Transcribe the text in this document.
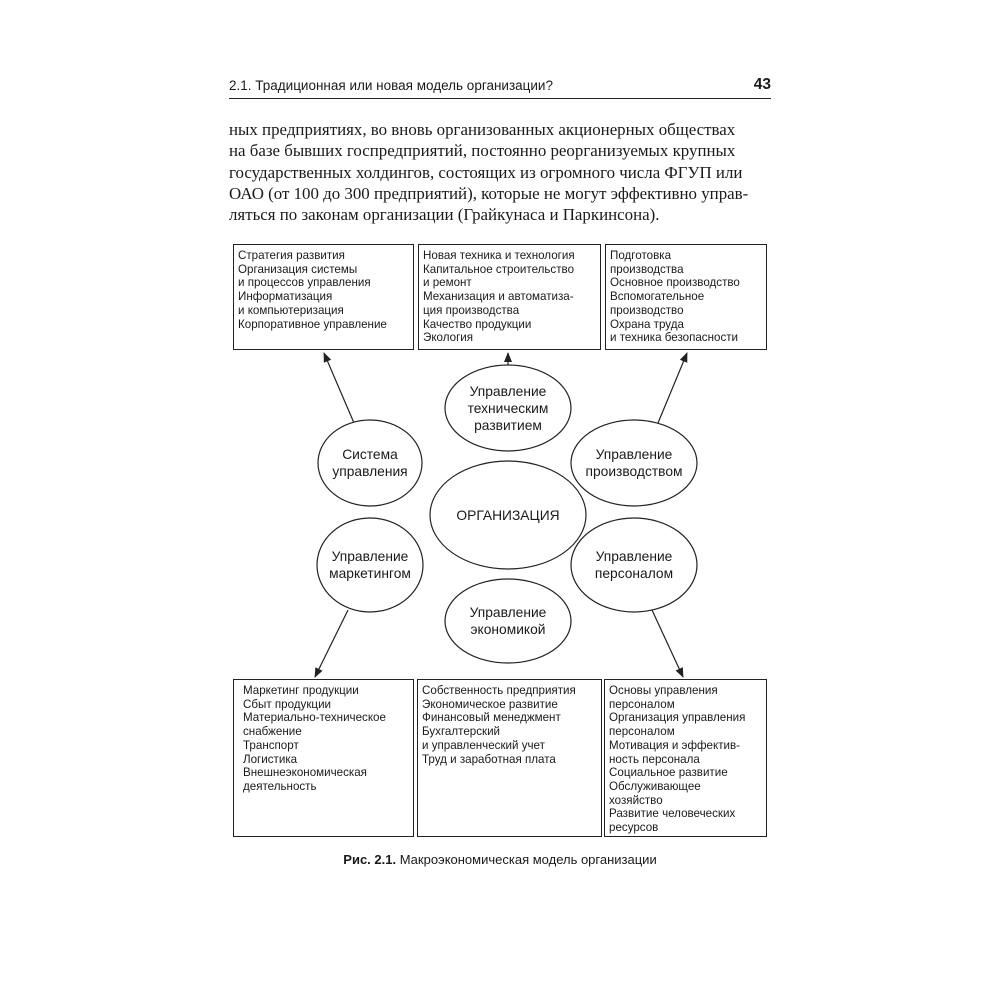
2.1. Традиционная или новая модель организации?	43

ных предприятиях, во вновь организованных акционерных обществах
на базе бывших госпредприятий, постоянно реорганизуемых крупных
государственных холдингов, состоящих из огромного числа ФГУП или
ОАО (от 100 до 300 предприятий), которые не могут эффективно управ-
ляться по законам организации (Грайкунаса и Паркинсона).

ОРГАНИЗАЦИЯ
Управление
техническим
развитием
Система
управления
Управление
производством
Управление
маркетингом
Управление
персоналом
Управление
экономикой
Стратегия развития
Организация системы
и процессов управления
Информатизация
и компьютеризация
Корпоративное управление
Новая техника и технология
Капитальное строительство
и ремонт
Механизация и автоматиза-
ция производства
Качество продукции
Экология
Подготовка
производства
Основное производство
Вспомогательное
производство
Охрана труда
и техника безопасности
Маркетинг продукции
Сбыт продукции
Материально-техническое
снабжение
Транспорт
Логистика
Внешнеэкономическая
деятельность
Собственность предприятия
Экономическое развитие
Финансовый менеджмент
Бухгалтерский
и управленческий учет
Труд и заработная плата
Основы управления
персоналом
Организация управления
персоналом
Мотивация и эффектив-
ность персонала
Социальное развитие
Обслуживающее
хозяйство
Развитие человеческих
ресурсов
Рис. 2.1. Макроэкономическая модель организации
